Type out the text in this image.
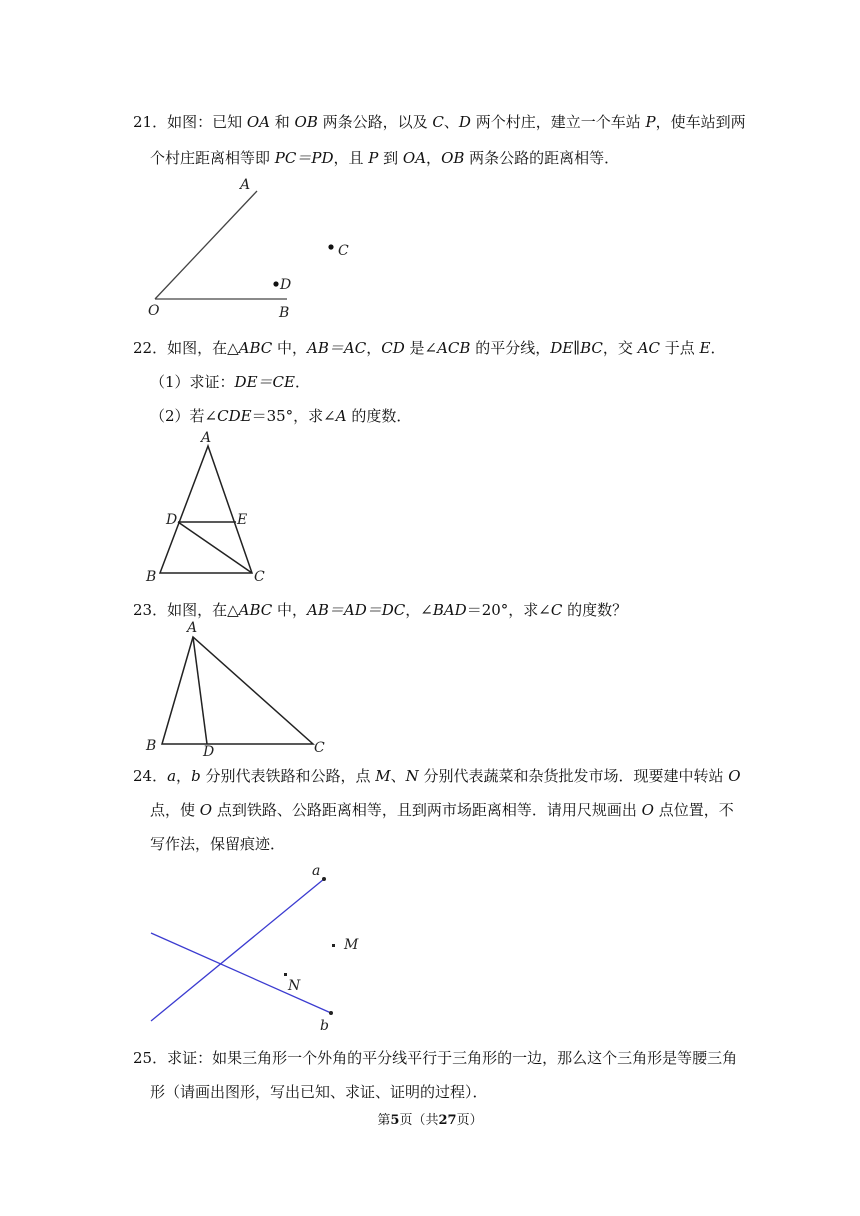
21．如图：已知 OA 和 OB 两条公路，以及 C、D 两个村庄，建立一个车站 P，使车站到两
个村庄距离相等即 PC＝PD，且 P 到 OA，OB 两条公路的距离相等．
A
O	B
C
D
22．如图，在△ABC 中，AB＝AC，CD 是∠ACB 的平分线，DE∥BC，交 AC 于点 E．
（1）求证：DE＝CE．
（2）若∠CDE＝35°，求∠A 的度数．
A
D	E
B	C
23．如图，在△ABC 中，AB＝AD＝DC，∠BAD＝20°，求∠C 的度数？
A
B	D	C
24．a，b 分别代表铁路和公路，点 M、N 分别代表蔬菜和杂货批发市场．现要建中转站 O
点，使 O 点到铁路、公路距离相等，且到两市场距离相等．请用尺规画出 O 点位置，不
写作法，保留痕迹．
a
b
M
N
25．求证：如果三角形一个外角的平分线平行于三角形的一边，那么这个三角形是等腰三角
形（请画出图形，写出已知、求证、证明的过程）．
第5页（共27页）
